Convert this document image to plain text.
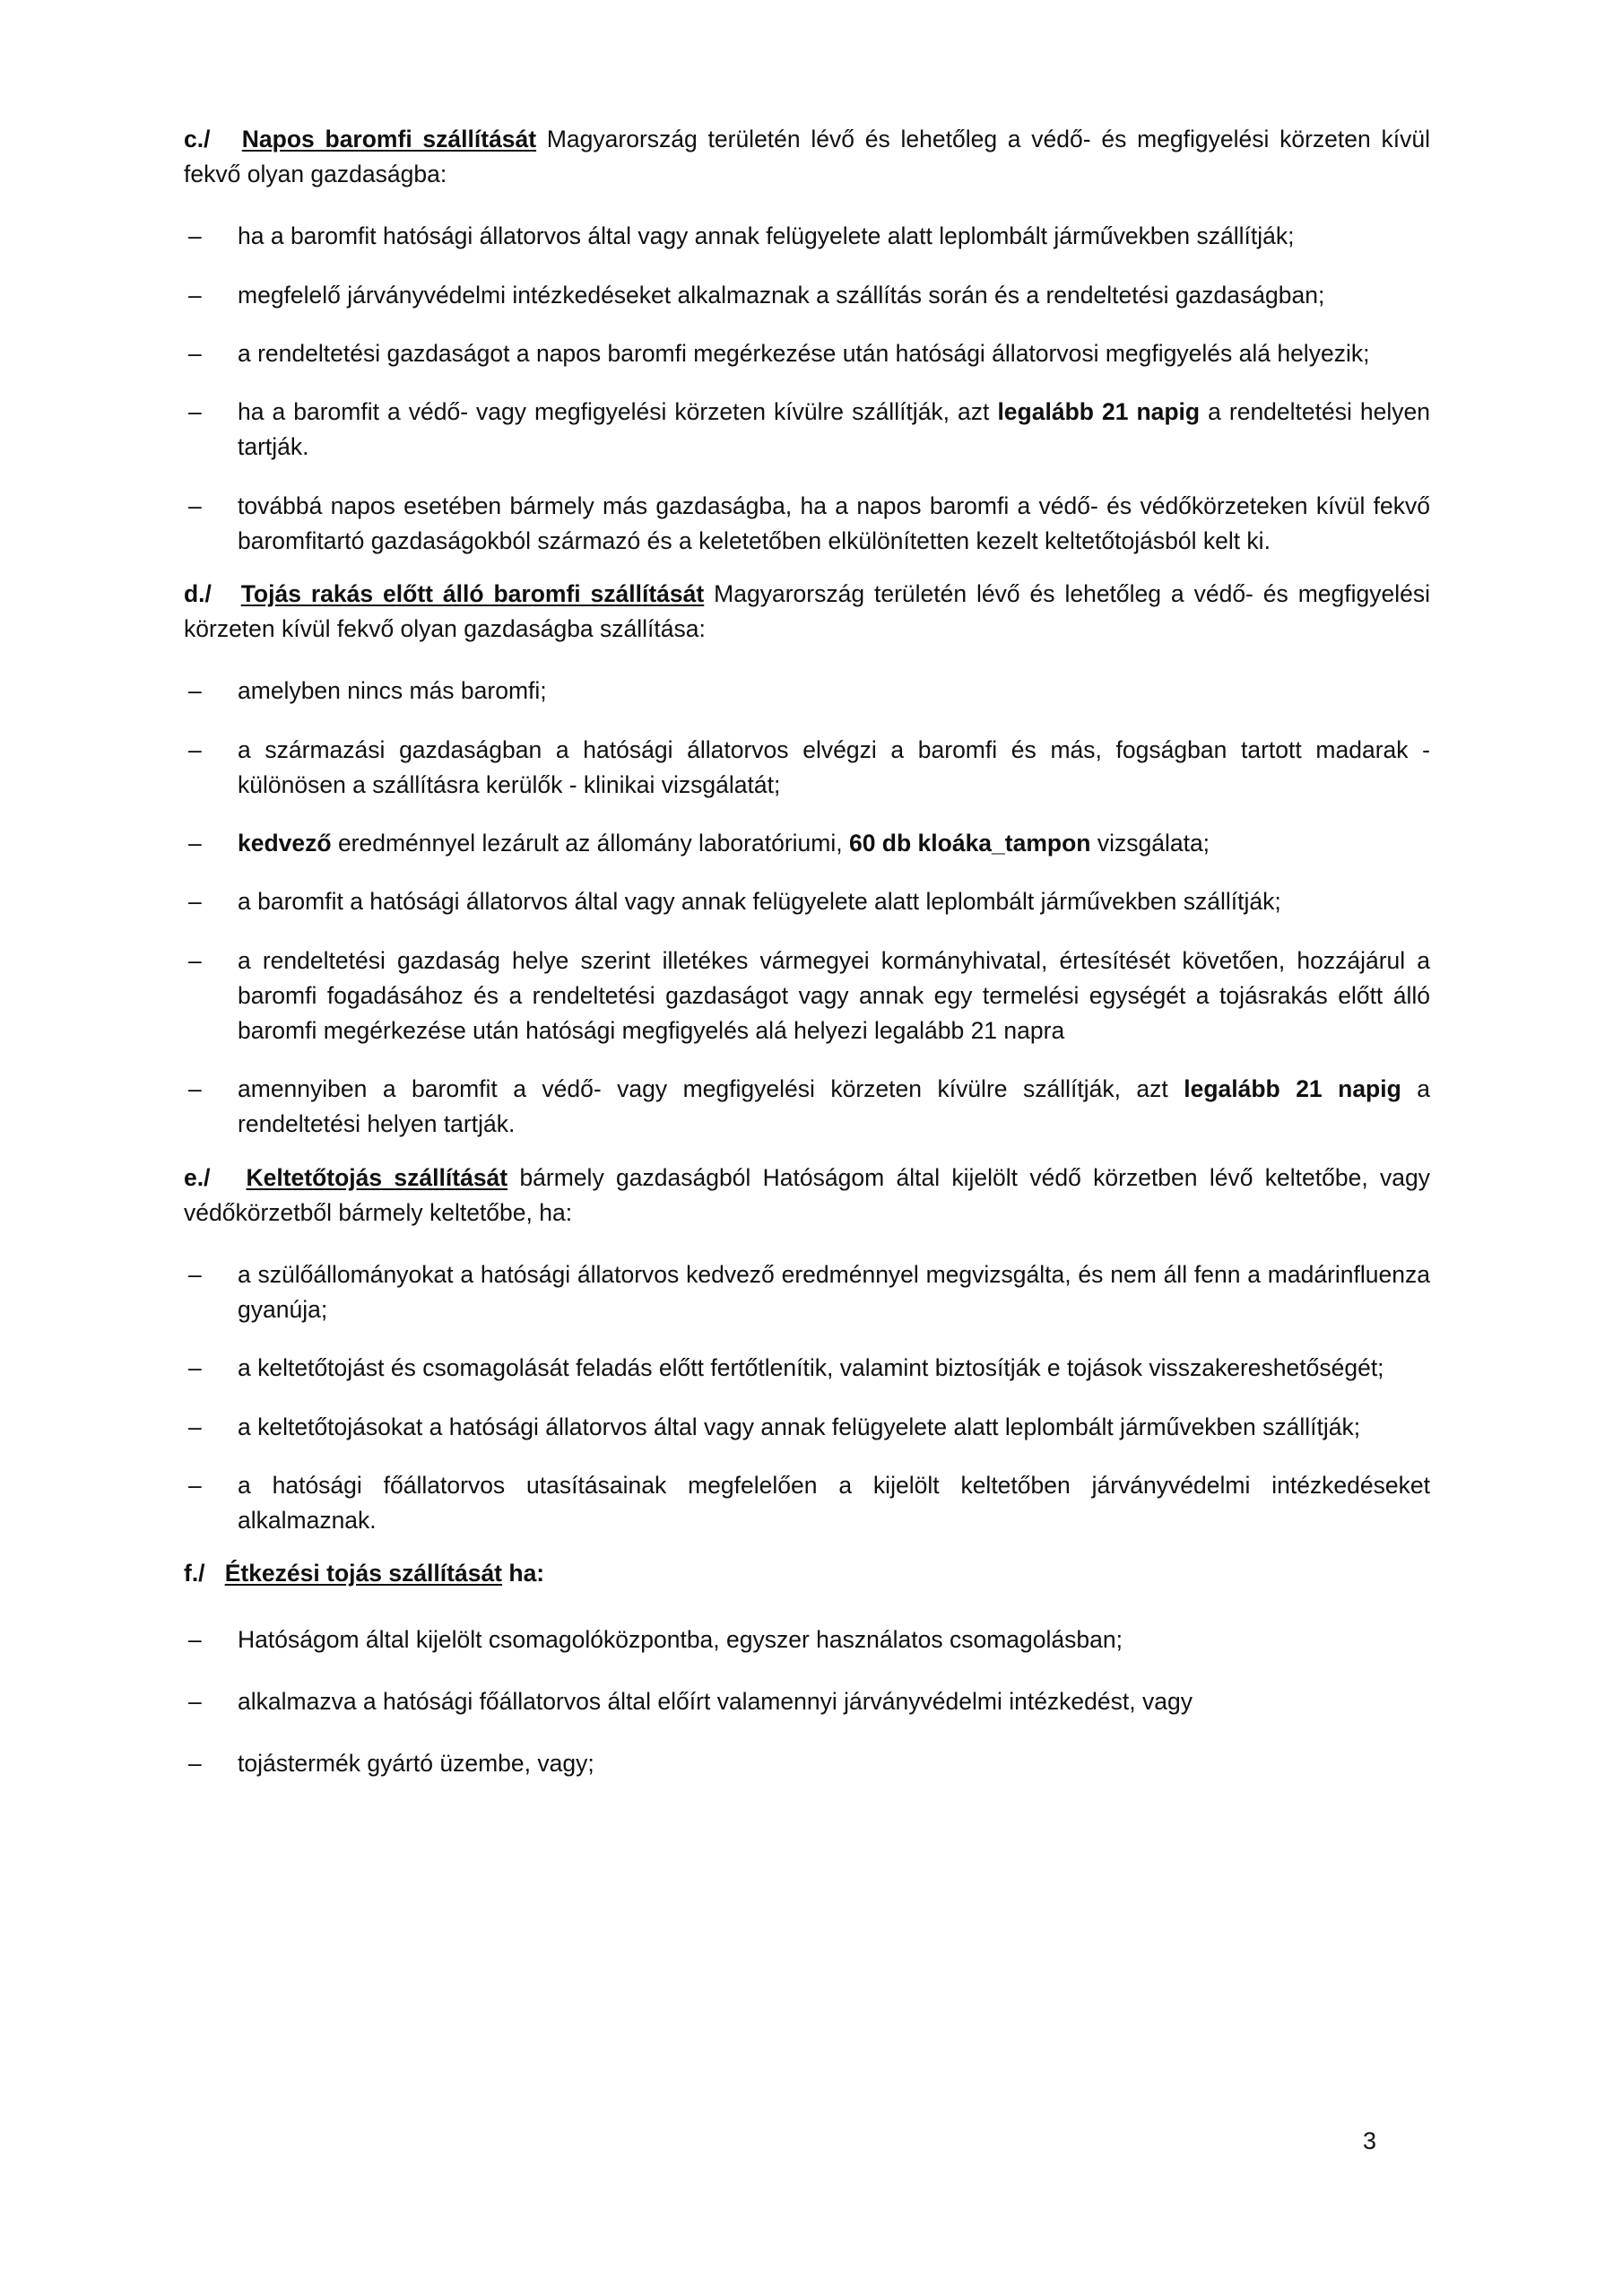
c./ Napos baromfi szállítását Magyarország területén lévő és lehetőleg a védő- és megfigyelési körzeten kívül fekvő olyan gazdaságba:

– ha a baromfit hatósági állatorvos által vagy annak felügyelete alatt leplombált járművekben szállítják;
– megfelelő járványvédelmi intézkedéseket alkalmaznak a szállítás során és a rendeltetési gazdaságban;
– a rendeltetési gazdaságot a napos baromfi megérkezése után hatósági állatorvosi megfigyelés alá helyezik;
– ha a baromfit a védő- vagy megfigyelési körzeten kívülre szállítják, azt legalább 21 napig a rendeltetési helyen tartják.
– továbbá napos esetében bármely más gazdaságba, ha a napos baromfi a védő- és védőkörzeteken kívül fekvő baromfitartó gazdaságokból származó és a keletetőben elkülönítetten kezelt keltetőtojásból kelt ki.

d./ Tojás rakás előtt álló baromfi szállítását Magyarország területén lévő és lehetőleg a védő- és megfigyelési körzeten kívül fekvő olyan gazdaságba szállítása:

– amelyben nincs más baromfi;
– a származási gazdaságban a hatósági állatorvos elvégzi a baromfi és más, fogságban tartott madarak - különösen a szállításra kerülők - klinikai vizsgálatát;
– kedvező eredménnyel lezárult az állomány laboratóriumi, 60 db kloáka_tampon vizsgálata;
– a baromfit a hatósági állatorvos által vagy annak felügyelete alatt leplombált járművekben szállítják;
– a rendeltetési gazdaság helye szerint illetékes vármegyei kormányhivatal, értesítését követően, hozzájárul a baromfi fogadásához és a rendeltetési gazdaságot vagy annak egy termelési egységét a tojásrakás előtt álló baromfi megérkezése után hatósági megfigyelés alá helyezi legalább 21 napra
– amennyiben a baromfit a védő- vagy megfigyelési körzeten kívülre szállítják, azt legalább 21 napig a rendeltetési helyen tartják.

e./ Keltetőtojás szállítását bármely gazdaságból Hatóságom által kijelölt védő körzetben lévő keltetőbe, vagy védőkörzetből bármely keltetőbe, ha:

– a szülőállományokat a hatósági állatorvos kedvező eredménnyel megvizsgálta, és nem áll fenn a madárinfluenza gyanúja;
– a keltetőtojást és csomagolását feladás előtt fertőtlenítik, valamint biztosítják e tojások visszakereshetőségét;
– a keltetőtojásokat a hatósági állatorvos által vagy annak felügyelete alatt leplombált járművekben szállítják;
– a hatósági főállatorvos utasításainak megfelelően a kijelölt keltetőben járványvédelmi intézkedéseket alkalmaznak.

f./ Étkezési tojás szállítását ha:

– Hatóságom által kijelölt csomagolóközpontba, egyszer használatos csomagolásban;
– alkalmazva a hatósági főállatorvos által előírt valamennyi járványvédelmi intézkedést, vagy
– tojástermék gyártó üzembe, vagy;
3
